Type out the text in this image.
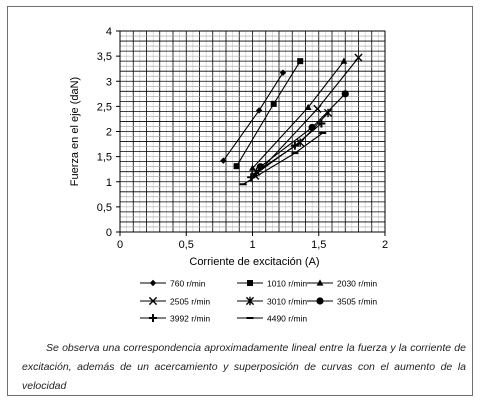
0	0,5	1	1,5	2
0
0,5
1
1,5
2
2,5
3
3,5
4
Corriente de excitación (A)
Fuerza en el eje (daN)
760 r/min	1010 r/min	2030 r/min
2505 r/min	3010 r/min	3505 r/min
3992 r/min	4490 r/min
Se observa una correspondencia aproximadamente lineal entre la fuerza y la corriente de excitación, además de un acercamiento y superposición de curvas con el aumento de la velocidad
